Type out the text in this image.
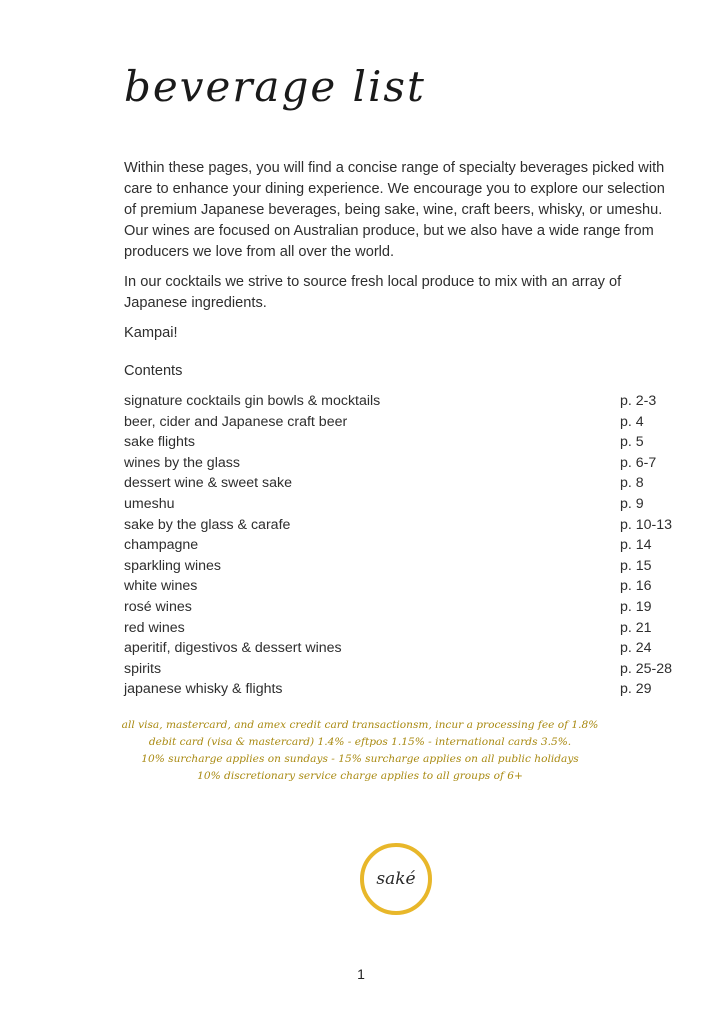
beverage list

Within these pages, you will find a concise range of specialty beverages picked with care to enhance your dining experience. We encourage you to explore our selection of premium Japanese beverages, being sake, wine, craft beers, whisky, or umeshu. Our wines are focused on Australian produce, but we also have a wide range from producers we love from all over the world.

In our cocktails we strive to source fresh local produce to mix with an array of Japanese ingredients.

Kampai!

Contents
signature cocktails gin bowls & mocktails	p. 2-3
beer, cider and Japanese craft beer	p. 4
sake flights	p. 5
wines by the glass	p. 6-7
dessert wine & sweet sake	p. 8
umeshu	p. 9
sake by the glass & carafe	p. 10-13
champagne	p. 14
sparkling wines	p. 15
white wines	p. 16
rosé wines	p. 19
red wines	p. 21
aperitif, digestivos & dessert wines	p. 24
spirits	p. 25-28
japanese whisky & flights	p. 29
all visa, mastercard, and amex credit card transactionsm, incur a processing fee of 1.8%
debit card (visa & mastercard) 1.4% - eftpos 1.15% - international cards 3.5%.
10% surcharge applies on sundays - 15% surcharge applies on all public holidays
10% discretionary service charge applies to all groups of 6+
saké
1
